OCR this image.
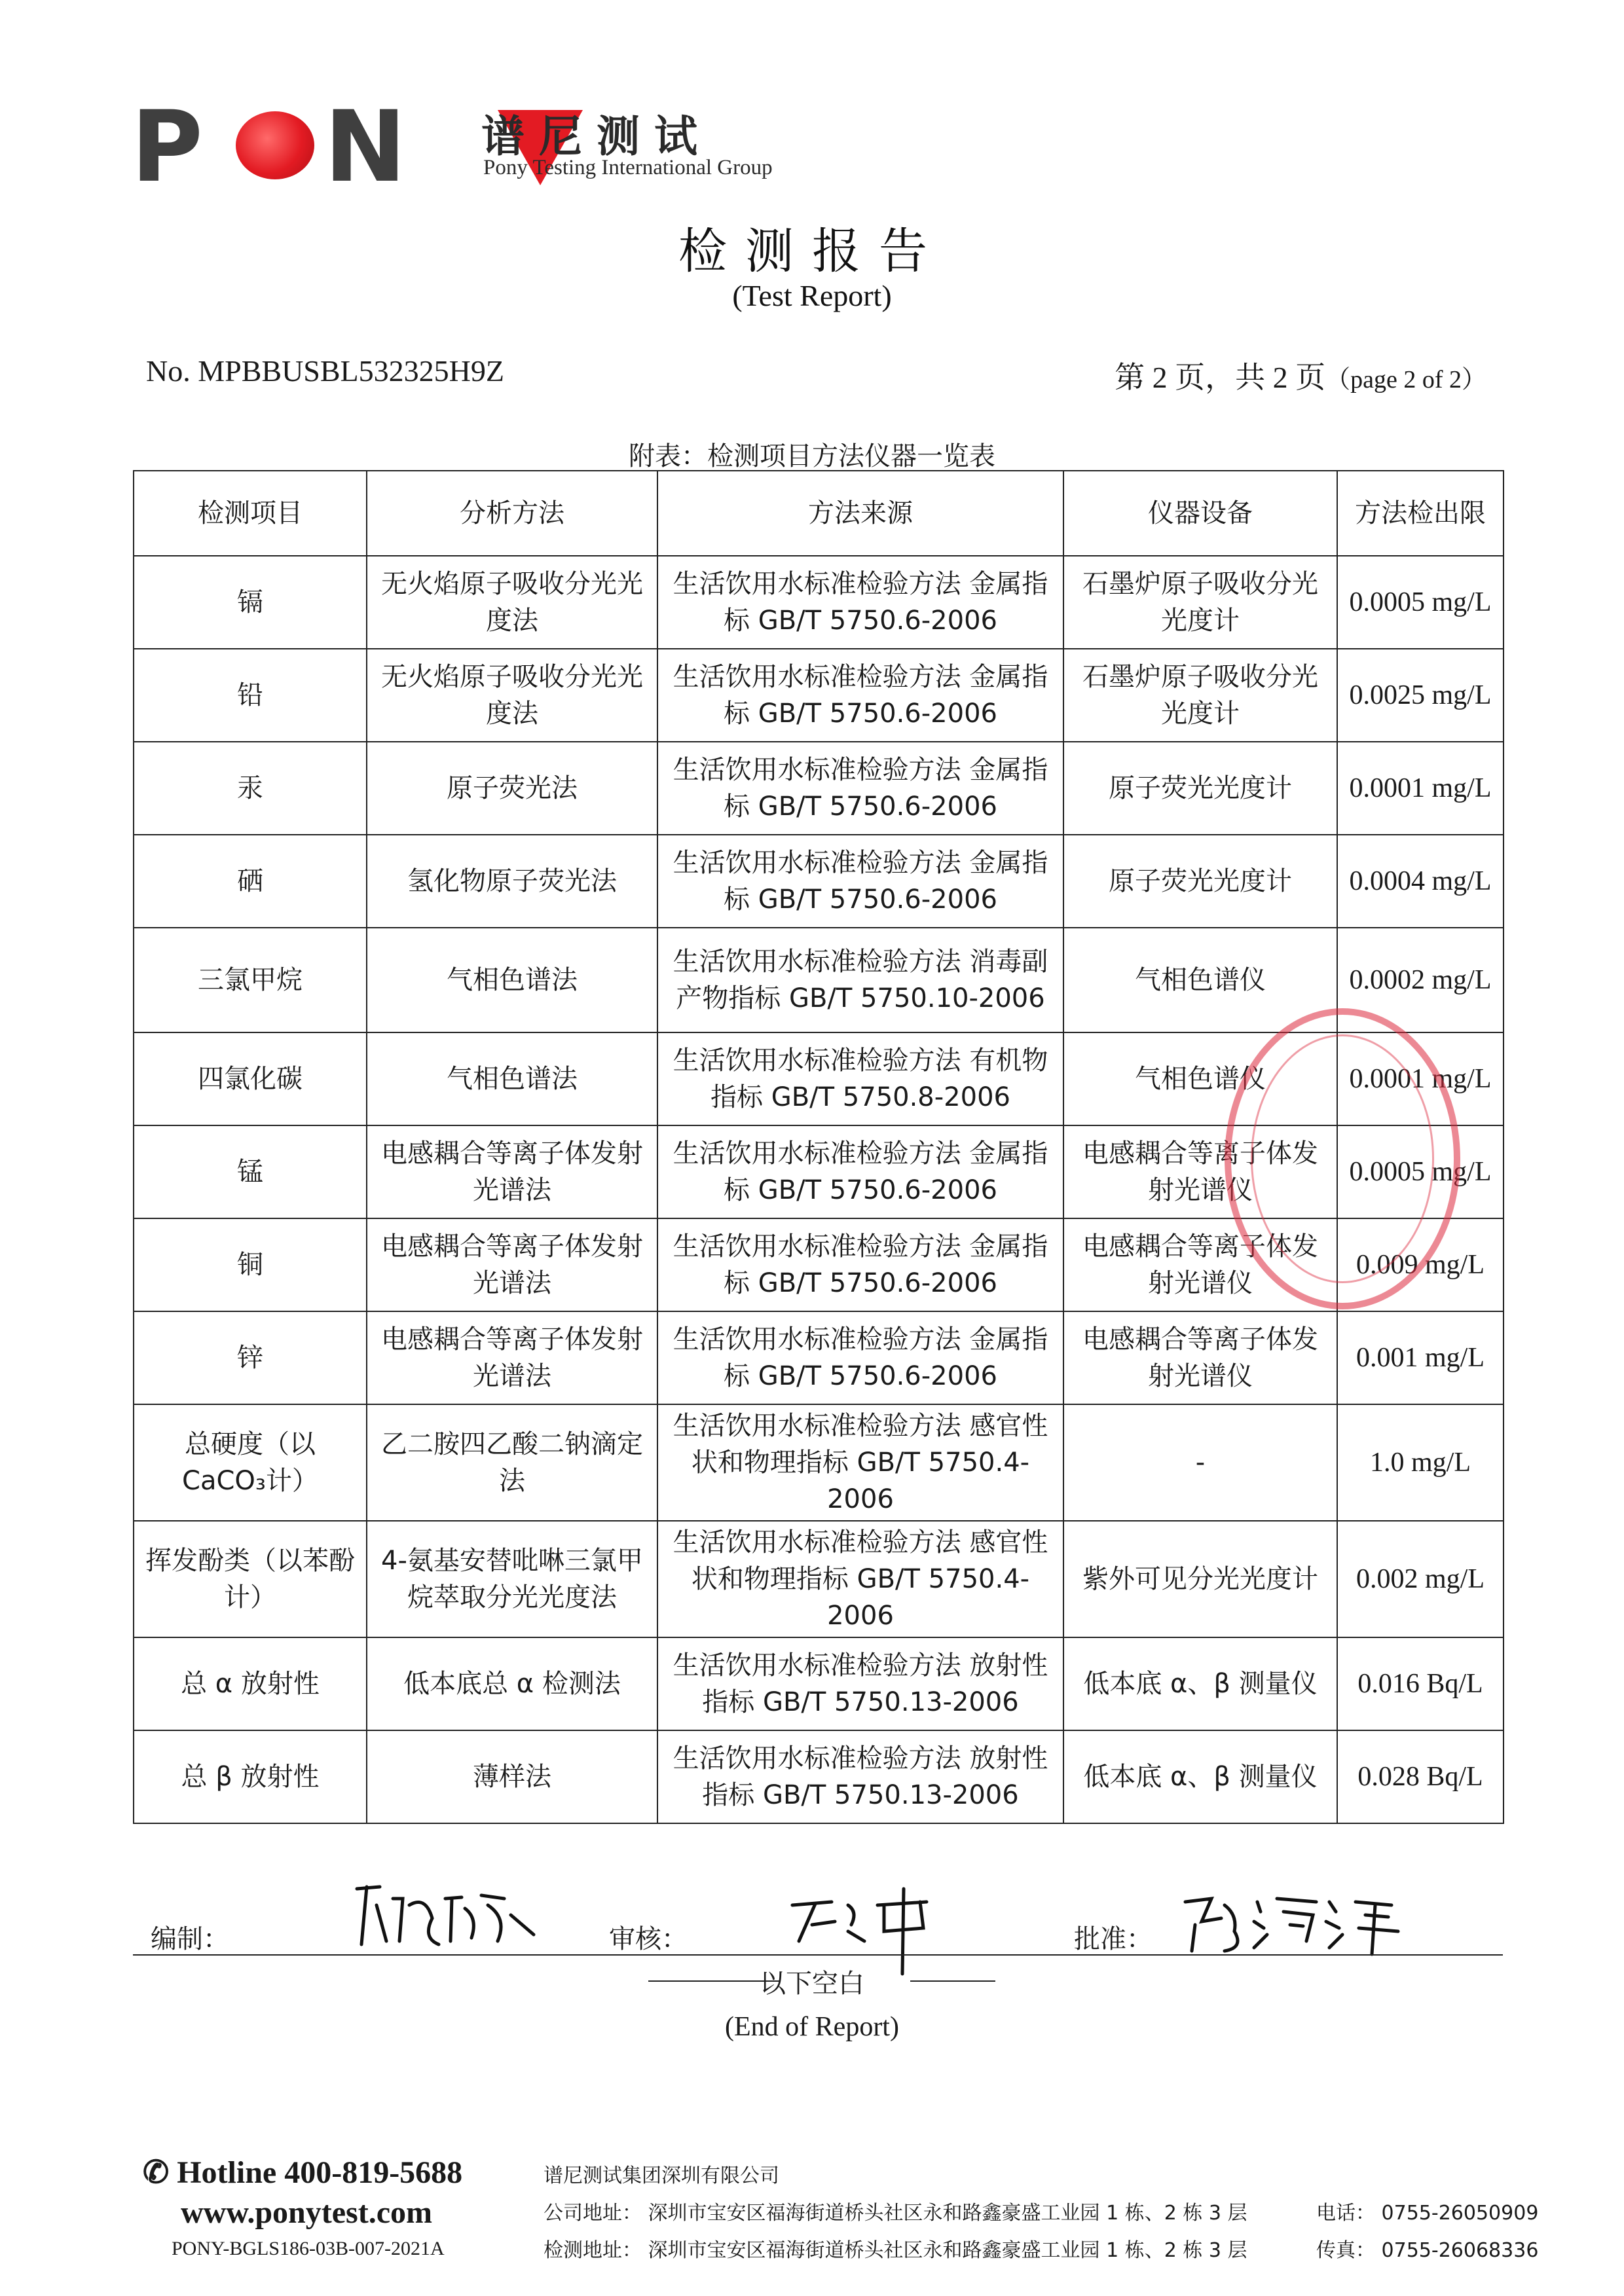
P N 谱尼测试
Pony Testing International Group
检测报告
(Test Report)
No. MPBBUSBL532325H9Z	第 2 页，共 2 页（page 2 of 2）
附表：检测项目方法仪器一览表
检测项目	分析方法	方法来源	仪器设备	方法检出限
镉	无火焰原子吸收分光光度法	生活饮用水标准检验方法 金属指标 GB/T 5750.6-2006	石墨炉原子吸收分光光度计	0.0005 mg/L
铅	无火焰原子吸收分光光度法	生活饮用水标准检验方法 金属指标 GB/T 5750.6-2006	石墨炉原子吸收分光光度计	0.0025 mg/L
汞	原子荧光法	生活饮用水标准检验方法 金属指标 GB/T 5750.6-2006	原子荧光光度计	0.0001 mg/L
硒	氢化物原子荧光法	生活饮用水标准检验方法 金属指标 GB/T 5750.6-2006	原子荧光光度计	0.0004 mg/L
三氯甲烷	气相色谱法	生活饮用水标准检验方法 消毒副产物指标 GB/T 5750.10-2006	气相色谱仪	0.0002 mg/L
四氯化碳	气相色谱法	生活饮用水标准检验方法 有机物指标 GB/T 5750.8-2006	气相色谱仪	0.0001 mg/L
锰	电感耦合等离子体发射光谱法	生活饮用水标准检验方法 金属指标 GB/T 5750.6-2006	电感耦合等离子体发射光谱仪	0.0005 mg/L
铜	电感耦合等离子体发射光谱法	生活饮用水标准检验方法 金属指标 GB/T 5750.6-2006	电感耦合等离子体发射光谱仪	0.009 mg/L
锌	电感耦合等离子体发射光谱法	生活饮用水标准检验方法 金属指标 GB/T 5750.6-2006	电感耦合等离子体发射光谱仪	0.001 mg/L
总硬度（以CaCO₃计）	乙二胺四乙酸二钠滴定法	生活饮用水标准检验方法 感官性状和物理指标 GB/T 5750.4-2006	-	1.0 mg/L
挥发酚类（以苯酚计）	4-氨基安替吡啉三氯甲烷萃取分光光度法	生活饮用水标准检验方法 感官性状和物理指标 GB/T 5750.4-2006	紫外可见分光光度计	0.002 mg/L
总 α 放射性	低本底总 α 检测法	生活饮用水标准检验方法 放射性指标 GB/T 5750.13-2006	低本底 α、β 测量仪	0.016 Bq/L
总 β 放射性	薄样法	生活饮用水标准检验方法 放射性指标 GB/T 5750.13-2006	低本底 α、β 测量仪	0.028 Bq/L
编制：	审核：	批准：
以下空白
(End of Report)
✆ Hotline 400-819-5688
www.ponytest.com
PONY-BGLS186-03B-007-2021A
谱尼测试集团深圳有限公司
公司地址： 深圳市宝安区福海街道桥头社区永和路鑫豪盛工业园 1 栋、2 栋 3 层
检测地址： 深圳市宝安区福海街道桥头社区永和路鑫豪盛工业园 1 栋、2 栋 3 层
电话： 0755-26050909
传真： 0755-26068336
